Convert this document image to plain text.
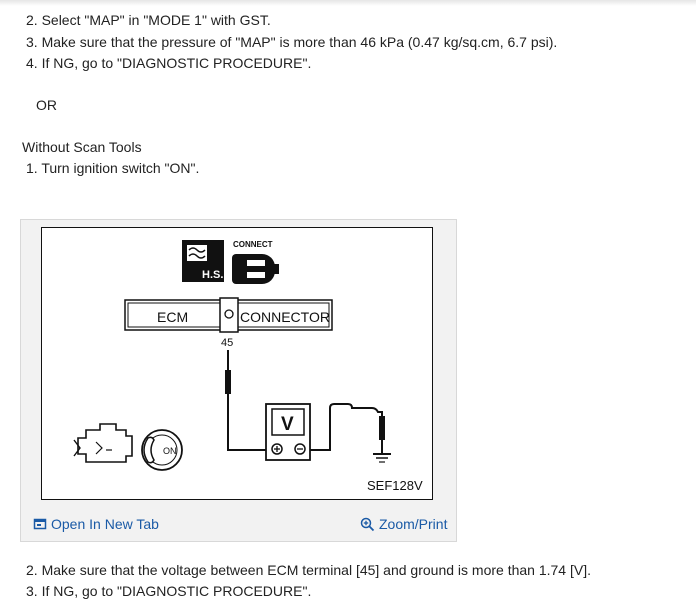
2. Select "MAP" in "MODE 1" with GST.
3. Make sure that the pressure of "MAP" is more than 46 kPa (0.47 kg/sq.cm, 6.7 psi).
4. If NG, go to "DIAGNOSTIC PROCEDURE".
OR
Without Scan Tools
1. Turn ignition switch "ON".
H.S.
CONNECT
ECM	CONNECTOR
45
V
ON
SEF128V
Open In New Tab	Zoom/Print
2. Make sure that the voltage between ECM terminal [45] and ground is more than 1.74 [V].
3. If NG, go to "DIAGNOSTIC PROCEDURE".
